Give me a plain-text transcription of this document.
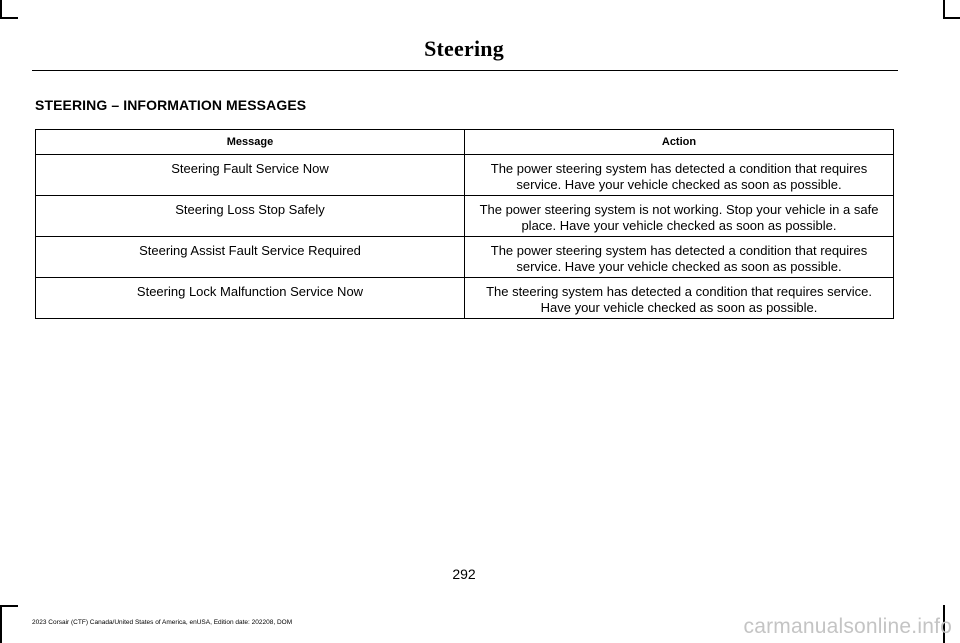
Steering
STEERING – INFORMATION MESSAGES
Message	Action
Steering Fault Service Now	The power steering system has detected a condition that requires
service. Have your vehicle checked as soon as possible.

Steering Loss Stop Safely	The power steering system is not working. Stop your vehicle in a safe
place. Have your vehicle checked as soon as possible.

Steering Assist Fault Service Required	The power steering system has detected a condition that requires
service. Have your vehicle checked as soon as possible.

Steering Lock Malfunction Service Now	The steering system has detected a condition that requires service.
Have your vehicle checked as soon as possible.
292
2023 Corsair (CTF) Canada/United States of America, enUSA, Edition date: 202208, DOM	carmanualsonline.info
